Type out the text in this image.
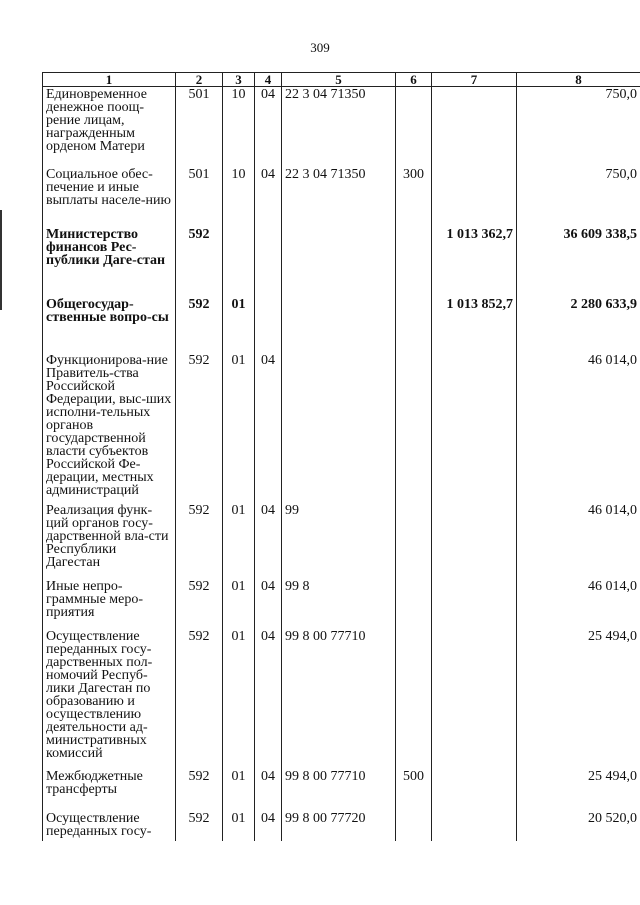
309
1	2	3	4	5	6	7	8
Единовременное денежное поощ-рение лицам, награжденным орденом Матери	501	10	04	22 3 04 71350			750,0
Социальное обес-печение и иные выплаты населе-нию	501	10	04	22 3 04 71350	300		750,0
Министерство финансов Рес-публики Даге-стан	592					1 013 362,7	36 609 338,5
Общегосудар-ственные вопро-сы	592	01				1 013 852,7	2 280 633,9
Функционирова-ние Правитель-ства Российской Федерации, выс-ших исполни-тельных органов государственной власти субъектов Российской Фе-дерации, местных администраций	592	01	04				46 014,0
Реализация функ-ций органов госу-дарственной вла-сти Республики Дагестан	592	01	04	99			46 014,0
Иные непро-граммные меро-приятия	592	01	04	99 8			46 014,0
Осуществление переданных госу-дарственных пол-номочий Респуб-лики Дагестан по образованию и осуществлению деятельности ад-министративных комиссий	592	01	04	99 8 00 77710			25 494,0
Межбюджетные трансферты	592	01	04	99 8 00 77710	500		25 494,0
Осуществление переданных госу-	592	01	04	99 8 00 77720			20 520,0
